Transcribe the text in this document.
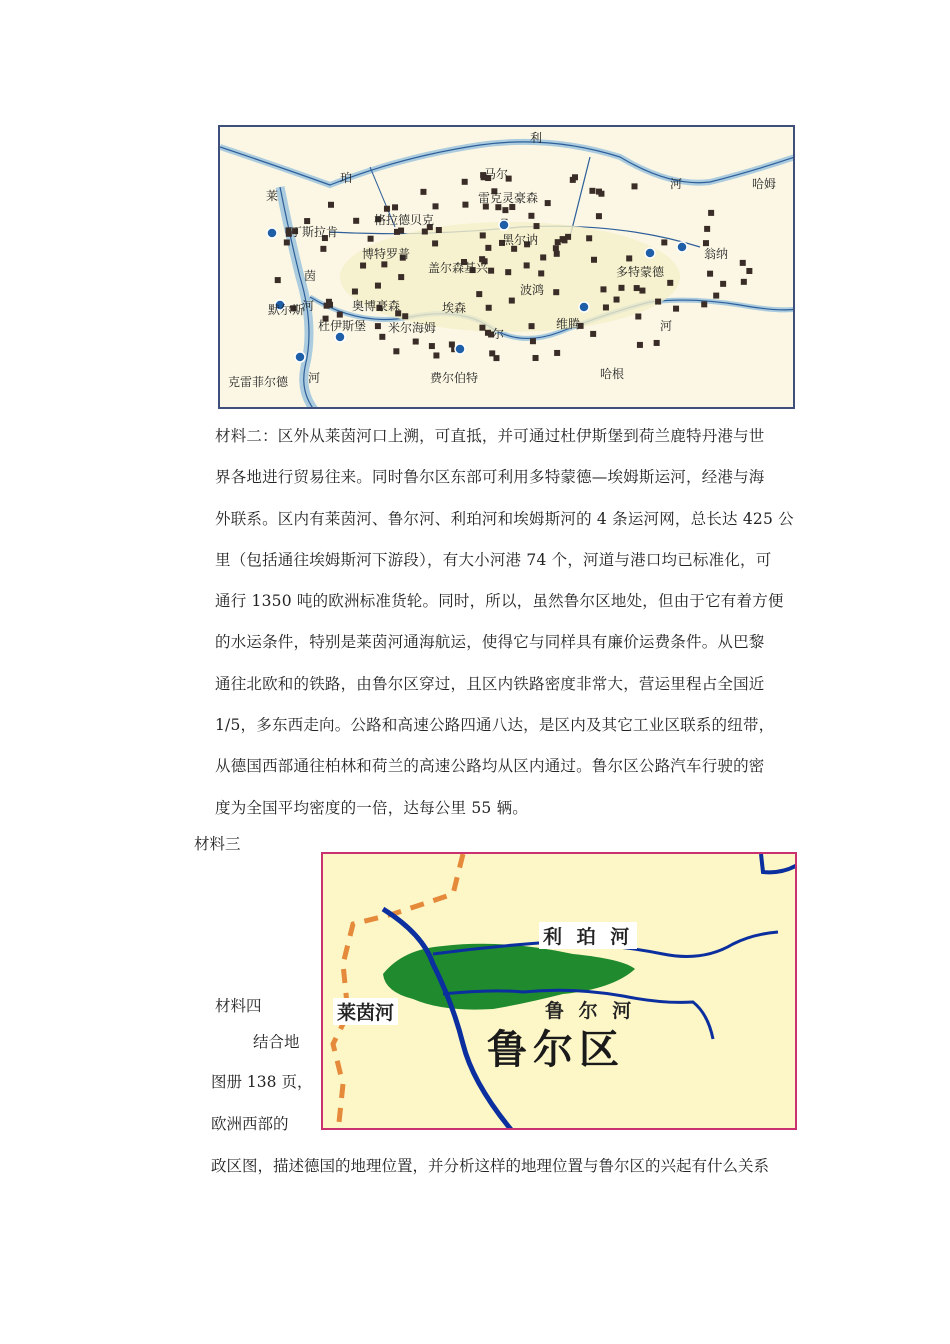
利
珀
莱
茵
河
尔
河
河
河
马尔
雷克灵豪森
格拉德贝克
丁斯拉肯
博特罗普
黑尔讷
盖尔森基兴	多特蒙德
波鸿
埃森
奥博豪森
默尔斯
杜伊斯堡 米尔海姆	维腾
哈姆
翁纳
哈根
费尔伯特
克雷菲尔德
材料二：区外从莱茵河口上溯，可直抵，并可通过杜伊斯堡到荷兰鹿特丹港与世
界各地进行贸易往来。同时鲁尔区东部可利用多特蒙德—埃姆斯运河，经港与海
外联系。区内有莱茵河、鲁尔河、利珀河和埃姆斯河的 4 条运河网，总长达 425 公
里（包括通往埃姆斯河下游段），有大小河港 74 个，河道与港口均已标准化，可
通行 1350 吨的欧洲标准货轮。同时，所以，虽然鲁尔区地处，但由于它有着方便
的水运条件，特别是莱茵河通海航运，使得它与同样具有廉价运费条件。从巴黎
通往北欧和的铁路，由鲁尔区穿过，且区内铁路密度非常大，营运里程占全国近
1/5，多东西走向。公路和高速公路四通八达，是区内及其它工业区联系的纽带，
从德国西部通往柏林和荷兰的高速公路均从区内通过。鲁尔区公路汽车行驶的密
度为全国平均密度的一倍，达每公里 55 辆。
材料三
利 珀 河
莱茵河	鲁 尔 河
鲁尔区
材料四
结合地
图册 138 页，
欧洲西部的
政区图，描述德国的地理位置，并分析这样的地理位置与鲁尔区的兴起有什么关系
